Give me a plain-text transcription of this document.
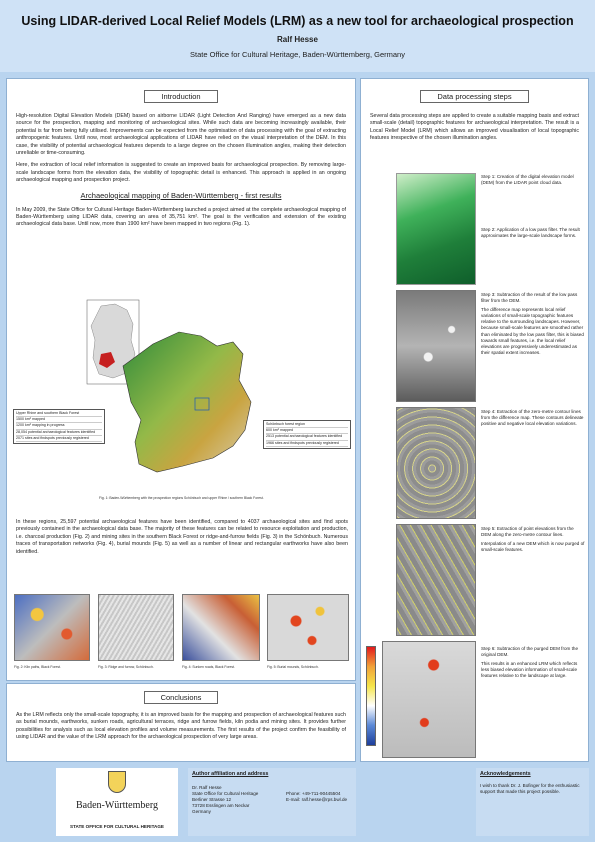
Using LIDAR-derived Local Relief Models (LRM) as a new tool for archaeological prospection
Ralf Hesse
State Office for Cultural Heritage, Baden-Württemberg, Germany
Introduction

High-resolution Digital Elevation Models (DEM) based on airborne LIDAR (Light Detection And Ranging) have emerged as a new data source for the prospection, mapping and monitoring of archaeological sites. While such data are becoming increasingly available, their potential is far from being fully utilised. Improvements can be expected from the optimisation of data processing with the goal of extracting anthropogenic features. Until now, most archaeological applications of LIDAR have relied on the visual interpretation of the DEM. In this case, the visibility of potential archaeological features depends to a large degree on the chosen illumination angles, making their detection unreliable or time-consuming.

Here, the extraction of local relief information is suggested to create an improved basis for archaeological prospection. By removing large-scale landscape forms from the elevation data, the visibility of topographic detail is enhanced. This approach is applied in an ongoing archaeological mapping and prospection project.

Archaeological mapping of Baden-Württemberg - first results

In May 2009, the State Office for Cultural Heritage Baden-Württemberg launched a project aimed at the complete archaeological mapping of Baden-Württemberg using LIDAR data, covering an area of 35,751 km². The goal is the verification and extension of the existing archaeological data base. Until now, more than 1900 km² have been mapped in two regions (Fig. 1).

Upper Rhine and southern Black Forest
1500 km² mapped
1200 km² mapping in progress
28,054 potential archaeological features identified
2071 sites and findspots previously registered
Schönbuch forest region
600 km² mapped
2513 potential archaeological features identified
1966 sites and findspots previously registered
Fig. 1: Baden-Württemberg with the prospection regions Schönbuch and upper Rhine / southern Black Forest.

In these regions, 25,597 potential archaeological features have been identified, compared to 4037 archaeological sites and find spots previously contained in the archaeological data base. The majority of these features can be related to resource exploitation and production, i.e. charcoal production (Fig. 2) and mining sites in the southern Black Forest or ridge-and-furrow fields (Fig. 3) in the Schönbuch. Numerous traces of transportation networks (Fig. 4), burial mounds (Fig. 5) as well as a number of linear and rectangular earthworks have also been identified.

Fig. 2: Kiln paths, Black Forest.	Fig. 3: Ridge and furrow, Schönbuch.	Fig. 4: Sunken roads, Black Forest.	Fig. 5: Burial mounds, Schönbuch.
Conclusions

As the LRM reflects only the small-scale topography, it is an improved basis for the mapping and prospection of archaeological features such as burial mounds, earthworks, sunken roads, agricultural terraces, ridge and furrow fields, kiln podia and mining sites. It provides further possibilities for analysis such as local elevation profiles and volume measurements. The first results of the project confirm the feasibility of using LIDAR and the value of the LRM approach for the archaeological prospection of very large areas.

Data processing steps

Several data processing steps are applied to create a suitable mapping basis and extract small-scale (detail) topographic features for archaeological interpretation. The result is a Local Relief Model (LRM) which allows an improved visualisation of local topographic features irrespective of the chosen illumination angles.

Step 1: Creation of the digital elevation model (DEM) from the LIDAR point cloud data.
Step 2: Application of a low pass filter. The result approximates the large-scale landscape forms.
Step 3: Subtraction of the result of the low pass filter from the DEM.
The difference map represents local relief variations of small-scale topographic features relative to the surrounding landscapes. However, because small-scale features are smoothed rather than eliminated by the low pass filter, this is biased towards small features, i.e. the local relief elevations are progressively underestimated as their spatial extent increases.
Step 4: Extraction of the zero-metre contour lines from the difference map. These contours delineate positive and negative local elevation variations.
Step 5: Extraction of point elevations from the DEM along the zero-metre contour lines.
Interpolation of a new DEM which is now purged of small-scale features.
Step 6: Subtraction of the purged DEM from the original DEM.
This results in an enhanced LRM which reflects less biased elevation information of small-scale features relative to the landscape at large.
Baden-Württemberg
STATE OFFICE FOR CULTURAL HERITAGE
Author affiliation and address
Dr. Ralf Hesse
State Office for Cultural Heritage
Berliner Strasse 12
73728 Esslingen am Neckar
Germany
Phone: +49-711-90445504
E-mail: ralf.hesse@rps.bwl.de
Acknowledgements
I wish to thank Dr. J. Bofinger for the enthusiastic support that made this project possible.
